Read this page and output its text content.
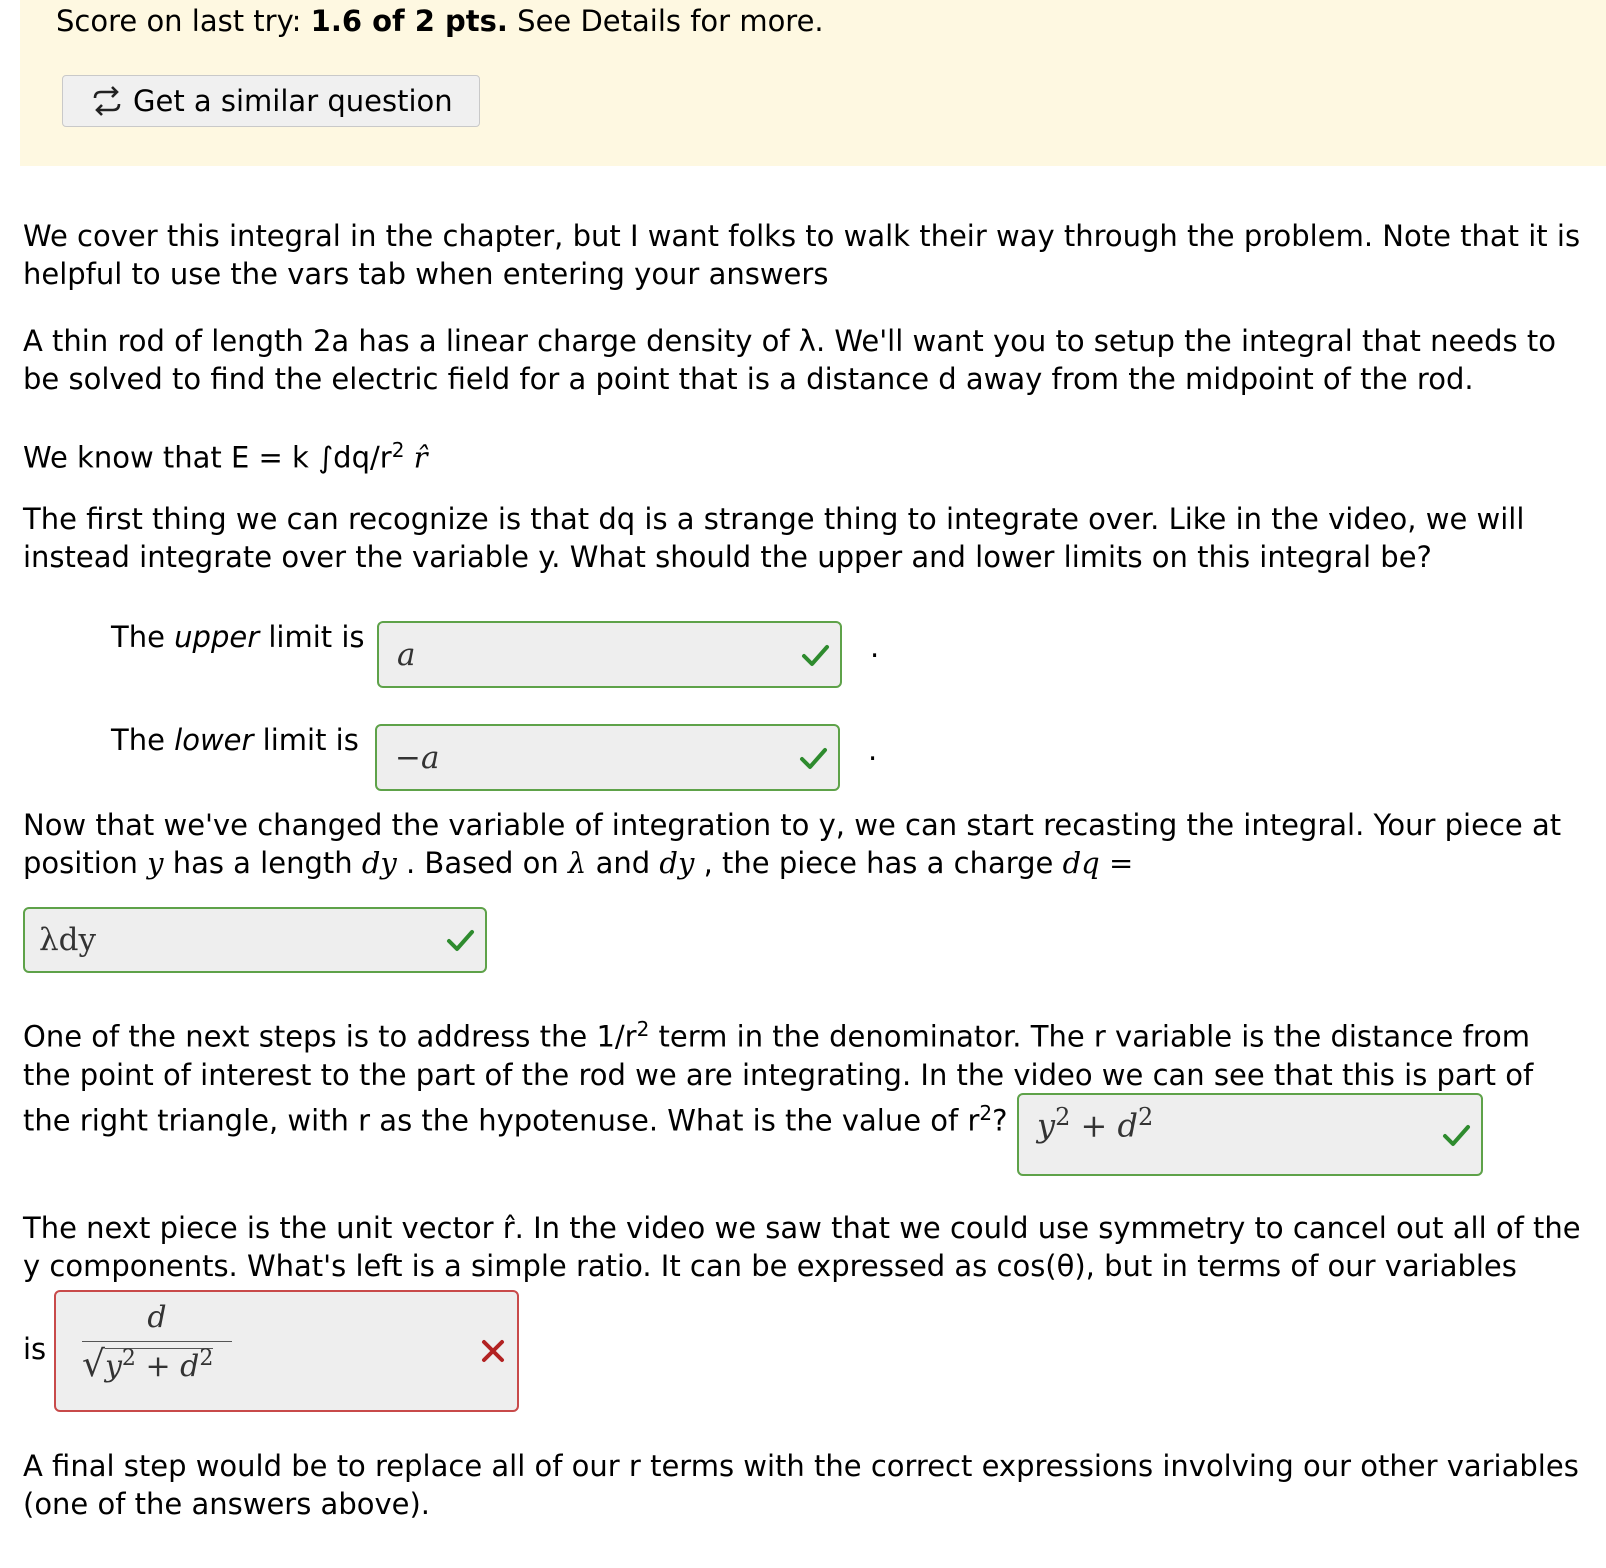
Score on last try: 1.6 of 2 pts. See Details for more.
Get a similar question
We cover this integral in the chapter, but I want folks to walk their way through the problem. Note that it is helpful to use the vars tab when entering your answers
A thin rod of length 2a has a linear charge density of λ. We'll want you to setup the integral that needs to be solved to find the electric field for a point that is a distance d away from the midpoint of the rod.
We know that E = k $\int dq/r^2$ r̂
The first thing we can recognize is that dq is a strange thing to integrate over. Like in the video, we will instead integrate over the variable y. What should the upper and lower limits on this integral be?
The upper limit is a	.
The lower limit is −a	.
Now that we've changed the variable of integration to y, we can start recasting the integral. Your piece at position y has a length dy . Based on λ and dy , the piece has a charge dq =
λdy
One of the next steps is to address the $1/r^2$ term in the denominator. The r variable is the distance from the point of interest to the part of the rod we are integrating. In the video we can see that this is part of the right triangle, with r as the hypotenuse. What is the value of $r^2$? $y^2 + d^2$
The next piece is the unit vector r̂. In the video we saw that we could use symmetry to cancel out all of the y components. What's left is a simple ratio. It can be expressed as cos(θ), but in terms of our variables
is $\frac{d}{√y^2 + d^2}$
A final step would be to replace all of our r terms with the correct expressions involving our other variables (one of the answers above).
